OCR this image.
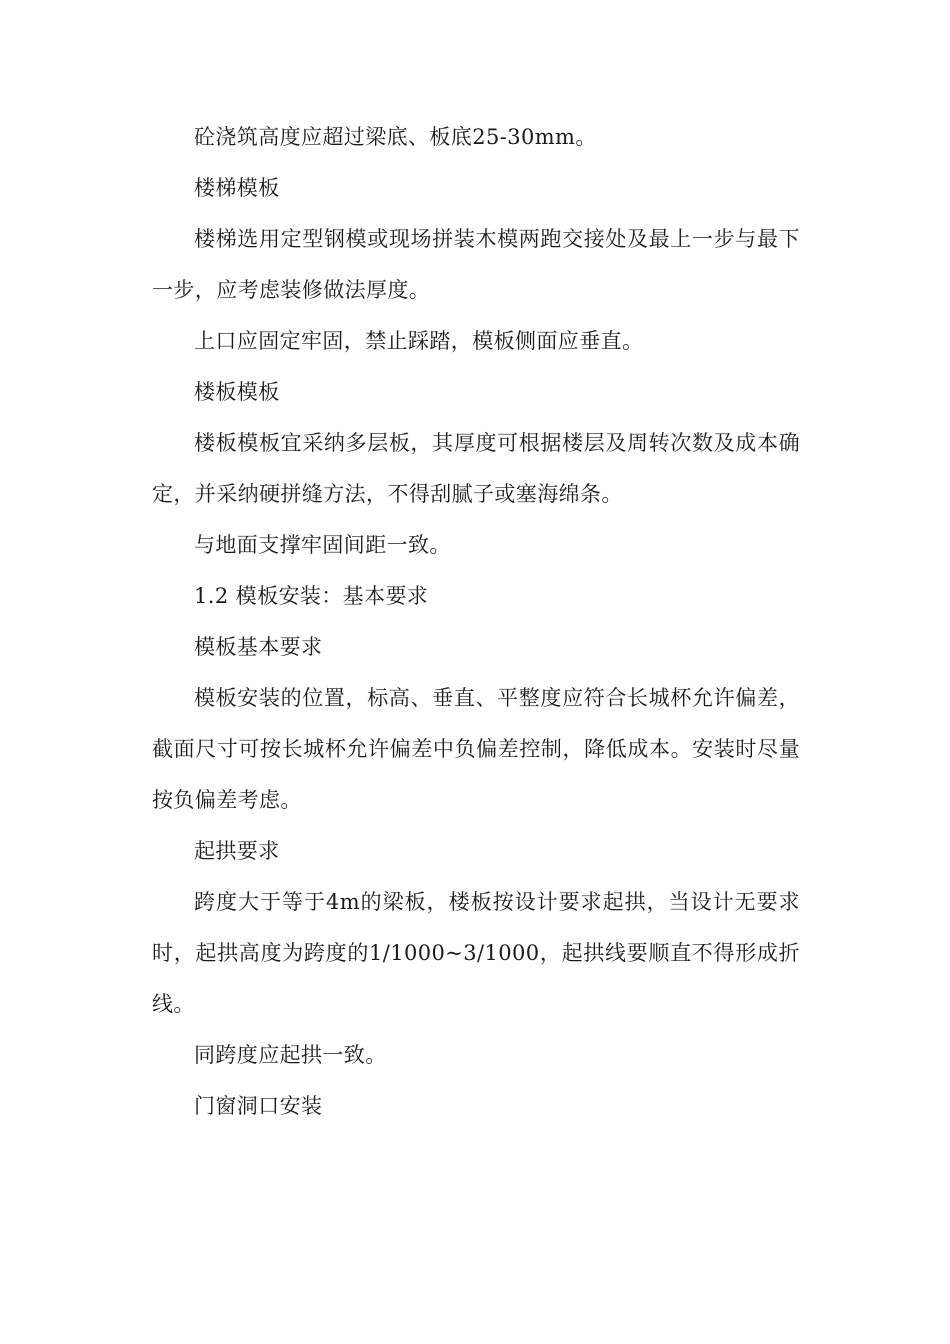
砼浇筑高度应超过梁底、板底25-30mm。

楼梯模板

楼梯选用定型钢模或现场拼装木模两跑交接处及最上一步与最下一步，应考虑装修做法厚度。

上口应固定牢固，禁止踩踏，模板侧面应垂直。

楼板模板

楼板模板宜采纳多层板，其厚度可根据楼层及周转次数及成本确定，并采纳硬拼缝方法，不得刮腻子或塞海绵条。

与地面支撑牢固间距一致。

1.2 模板安装：基本要求

模板基本要求

模板安装的位置，标高、垂直、平整度应符合长城杯允许偏差，截面尺寸可按长城杯允许偏差中负偏差控制，降低成本。安装时尽量按负偏差考虑。

起拱要求

跨度大于等于4m的梁板，楼板按设计要求起拱，当设计无要求时，起拱高度为跨度的1/1000~3/1000，起拱线要顺直不得形成折线。

同跨度应起拱一致。

门窗洞口安装
